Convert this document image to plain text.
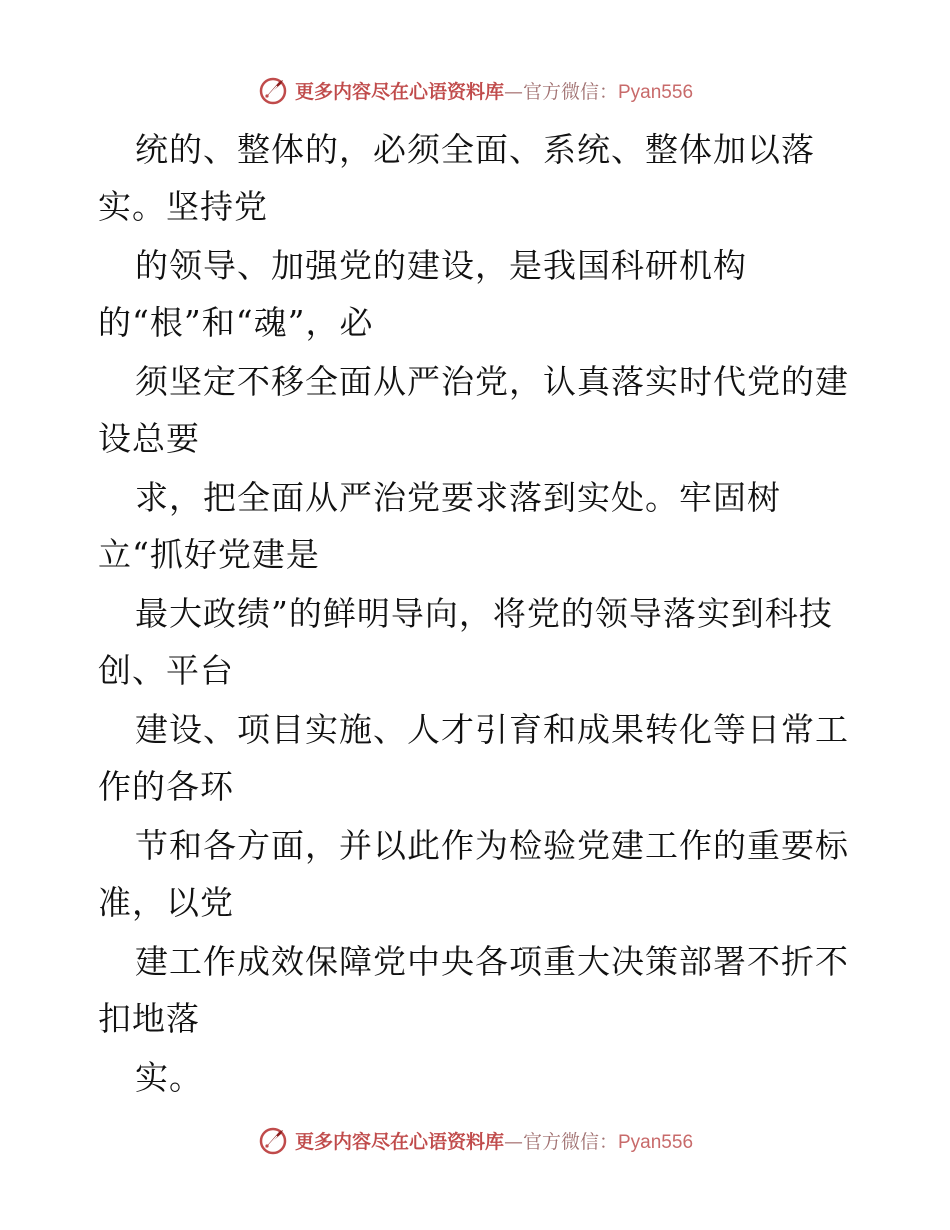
更多内容尽在心语资料库—官方微信：Pyan556
统的、整体的，必须全面、系统、整体加以落
实。坚持党
的领导、加强党的建设，是我国科研机构
的“根”和“魂”，必
须坚定不移全面从严治党，认真落实时代党的建
设总要
求，把全面从严治党要求落到实处。牢固树
立“抓好党建是
最大政绩”的鲜明导向，将党的领导落实到科技
创、平台
建设、项目实施、人才引育和成果转化等日常工
作的各环
节和各方面，并以此作为检验党建工作的重要标
准，以党
建工作成效保障党中央各项重大决策部署不折不
扣地落
实。
更多内容尽在心语资料库—官方微信：Pyan556
